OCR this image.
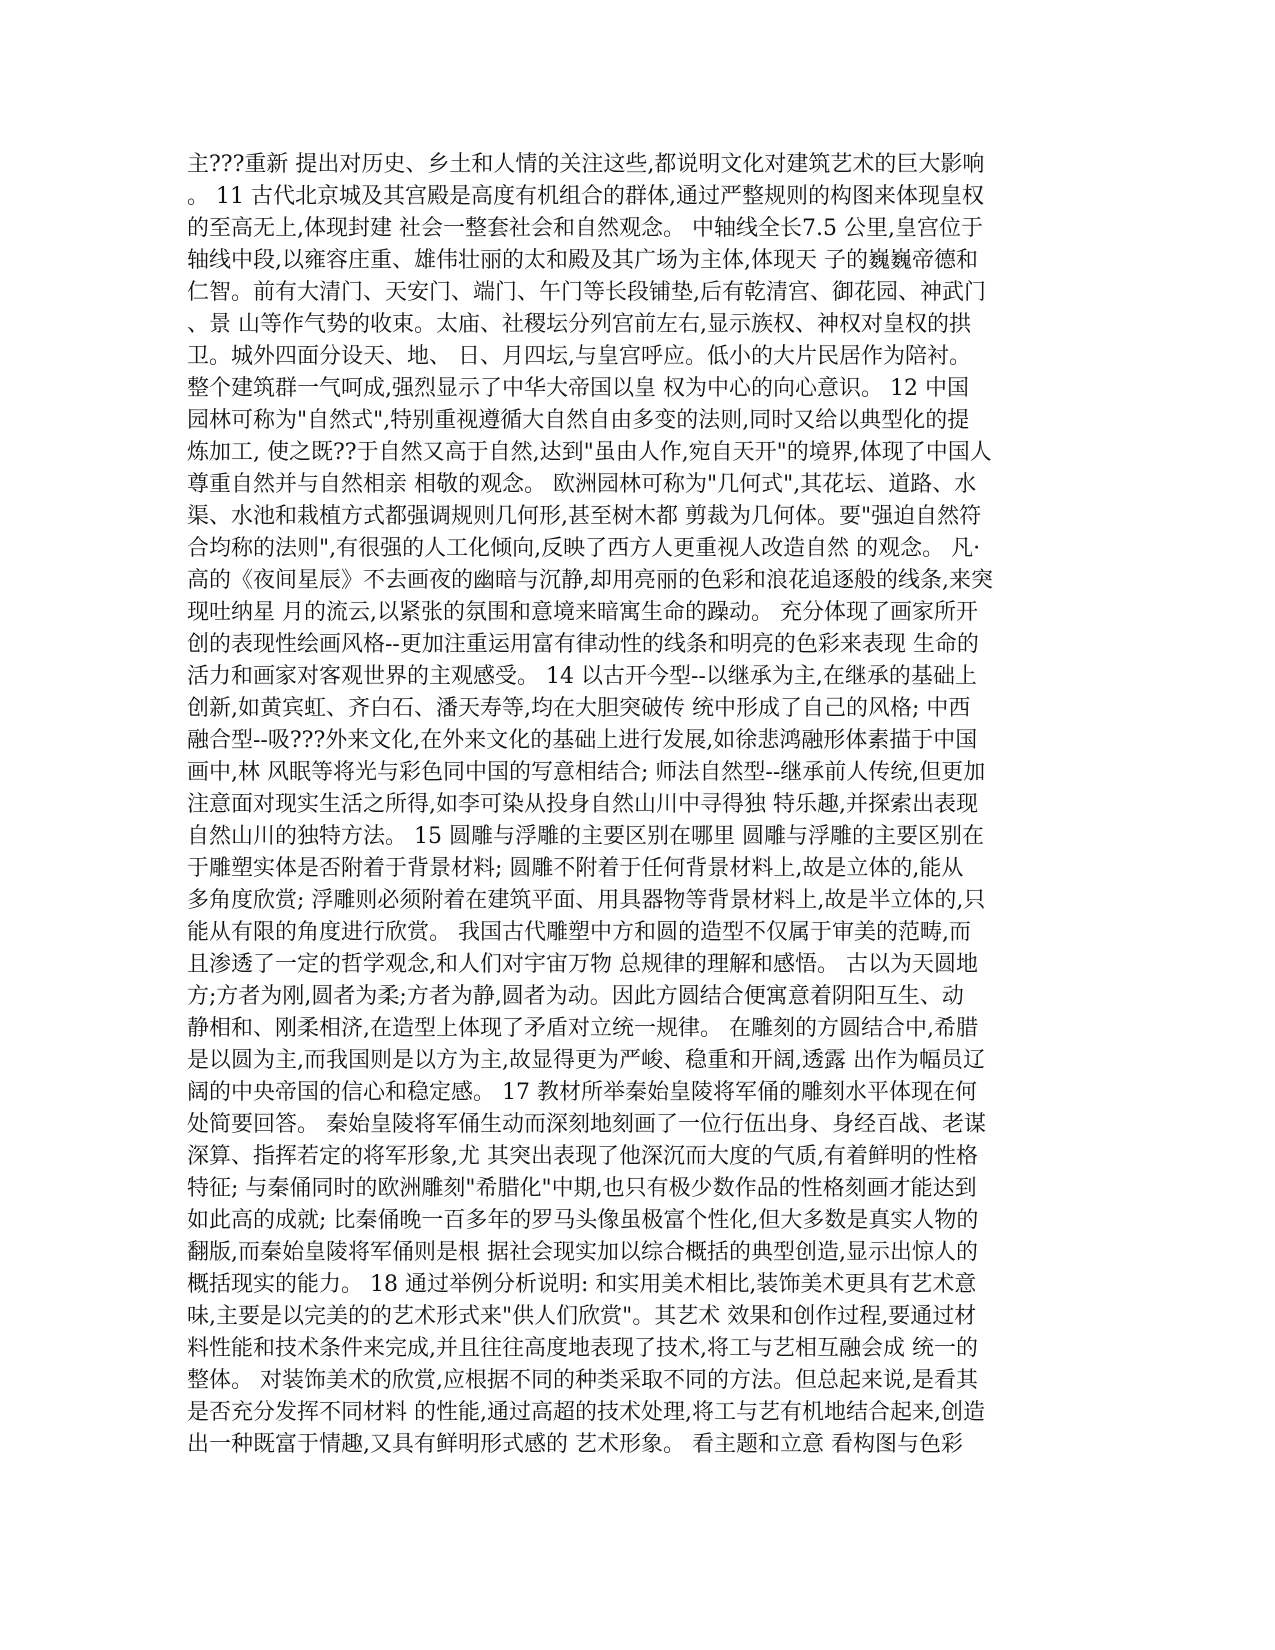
主???重新 提出对历史、乡土和人情的关注这些,都说明文化对建筑艺术的巨大影响
。 11 古代北京城及其宫殿是高度有机组合的群体,通过严整规则的构图来体现皇权
的至高无上,体现封建 社会一整套社会和自然观念。 中轴线全长7.5 公里,皇宫位于
轴线中段,以雍容庄重、雄伟壮丽的太和殿及其广场为主体,体现天 子的巍巍帝德和
仁智。前有大清门、天安门、端门、午门等长段铺垫,后有乾清宫、御花园、神武门
、景 山等作气势的收束。太庙、社稷坛分列宫前左右,显示族权、神权对皇权的拱
卫。城外四面分设天、地、 日、月四坛,与皇宫呼应。低小的大片民居作为陪衬。
整个建筑群一气呵成,强烈显示了中华大帝国以皇 权为中心的向心意识。 12 中国
园林可称为"自然式",特别重视遵循大自然自由多变的法则,同时又给以典型化的提
炼加工, 使之既??于自然又高于自然,达到"虽由人作,宛自天开"的境界,体现了中国人
尊重自然并与自然相亲 相敬的观念。 欧洲园林可称为"几何式",其花坛、道路、水
渠、水池和栽植方式都强调规则几何形,甚至树木都 剪裁为几何体。要"强迫自然符
合均称的法则",有很强的人工化倾向,反映了西方人更重视人改造自然 的观念。 凡·
高的《夜间星辰》不去画夜的幽暗与沉静,却用亮丽的色彩和浪花追逐般的线条,来突
现吐纳星 月的流云,以紧张的氛围和意境来暗寓生命的躁动。 充分体现了画家所开
创的表现性绘画风格--更加注重运用富有律动性的线条和明亮的色彩来表现 生命的
活力和画家对客观世界的主观感受。 14 以古开今型--以继承为主,在继承的基础上
创新,如黄宾虹、齐白石、潘天寿等,均在大胆突破传 统中形成了自己的风格; 中西
融合型--吸???外来文化,在外来文化的基础上进行发展,如徐悲鸿融形体素描于中国
画中,林 风眠等将光与彩色同中国的写意相结合; 师法自然型--继承前人传统,但更加
注意面对现实生活之所得,如李可染从投身自然山川中寻得独 特乐趣,并探索出表现
自然山川的独特方法。 15 圆雕与浮雕的主要区别在哪里 圆雕与浮雕的主要区别在
于雕塑实体是否附着于背景材料; 圆雕不附着于任何背景材料上,故是立体的,能从
多角度欣赏; 浮雕则必须附着在建筑平面、用具器物等背景材料上,故是半立体的,只
能从有限的角度进行欣赏。 我国古代雕塑中方和圆的造型不仅属于审美的范畴,而
且渗透了一定的哲学观念,和人们对宇宙万物 总规律的理解和感悟。 古以为天圆地
方;方者为刚,圆者为柔;方者为静,圆者为动。因此方圆结合便寓意着阴阳互生、动
静相和、刚柔相济,在造型上体现了矛盾对立统一规律。 在雕刻的方圆结合中,希腊
是以圆为主,而我国则是以方为主,故显得更为严峻、稳重和开阔,透露 出作为幅员辽
阔的中央帝国的信心和稳定感。 17 教材所举秦始皇陵将军俑的雕刻水平体现在何
处简要回答。 秦始皇陵将军俑生动而深刻地刻画了一位行伍出身、身经百战、老谋
深算、指挥若定的将军形象,尤 其突出表现了他深沉而大度的气质,有着鲜明的性格
特征; 与秦俑同时的欧洲雕刻"希腊化"中期,也只有极少数作品的性格刻画才能达到
如此高的成就; 比秦俑晚一百多年的罗马头像虽极富个性化,但大多数是真实人物的
翻版,而秦始皇陵将军俑则是根 据社会现实加以综合概括的典型创造,显示出惊人的
概括现实的能力。 18 通过举例分析说明: 和实用美术相比,装饰美术更具有艺术意
味,主要是以完美的的艺术形式来"供人们欣赏"。其艺术 效果和创作过程,要通过材
料性能和技术条件来完成,并且往往高度地表现了技术,将工与艺相互融会成 统一的
整体。 对装饰美术的欣赏,应根据不同的种类采取不同的方法。但总起来说,是看其
是否充分发挥不同材料 的性能,通过高超的技术处理,将工与艺有机地结合起来,创造
出一种既富于情趣,又具有鲜明形式感的 艺术形象。 看主题和立意 看构图与色彩
